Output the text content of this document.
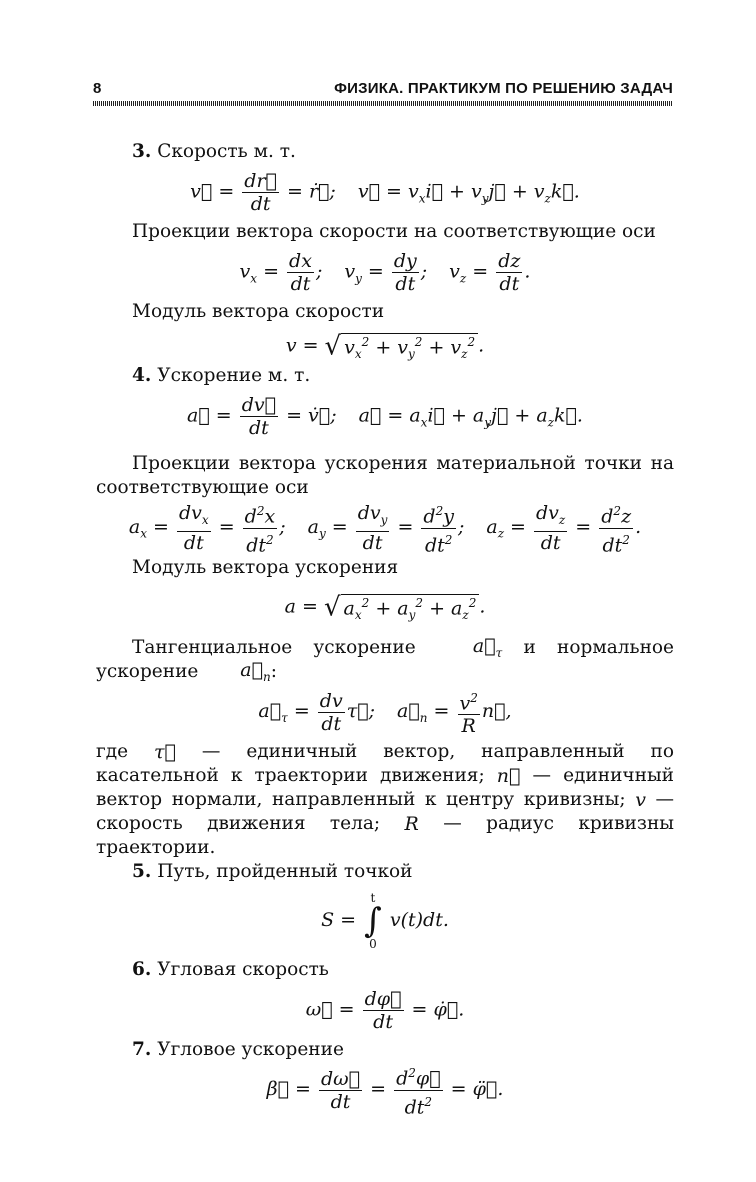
8	ФИЗИКА. ПРАКТИКУМ ПО РЕШЕНИЮ ЗАДАЧ

3. Скорость м. т.

v⃗ = $\frac{dr⃗}{dt}$ = ṙ⃗; v⃗ = $v_xi⃗$ + $v_yj⃗$ + $v_zk⃗$.

Проекции вектора скорости на соответствующие оси

$v_x = \frac{dx}{dt}$ ; $v_y = \frac{dy}{dt}$ ; $v_z = \frac{dz}{dt}$ .

Модуль вектора скорости

v = √ $v_x^2 + v_y^2 + v_z^2$ .

4. Ускорение м. т.

a⃗ = $\frac{dv⃗}{dt}$ = v̇⃗; a⃗ = $a_xi⃗$ + $a_yj⃗$ + $a_zk⃗$.

Проекции вектора ускорения материальной точки на соответствующие оси

$a_x = \frac{dv_x}{dt} = \frac{d^2x}{dt^2}$ ; $a_y = \frac{dv_y}{dt} = \frac{d^2y}{dt^2}$ ; $a_z = \frac{dv_z}{dt} = \frac{d^2z}{dt^2}$ .

Модуль вектора ускорения

a = √ $a_x^2 + a_y^2 + a_z^2$ .

Тангенциальное ускорение	$a⃗_\tau$ и нормальное ускорение $a⃗_n$:

$a⃗_\tau = \frac{dv}{dt}$ τ⃗; $a⃗_n = \frac{v^2}{R}$ n⃗,

где τ⃗ — единичный вектор, направленный по касательной к траектории движения; n⃗ — единичный вектор нормали, направленный к центру кривизны; v — скорость движения тела; R — радиус кривизны траектории.

5. Путь, пройденный точкой

S =
t
∫
0
v(t)dt.

6. Угловая скорость

ω⃗ = $\frac{d\varphi⃗}{dt}$ = φ̇⃗.

7. Угловое ускорение

β⃗ = $\frac{d\omega⃗}{dt} = \frac{d^2\varphi⃗}{dt^2}$ = φ̈⃗.
